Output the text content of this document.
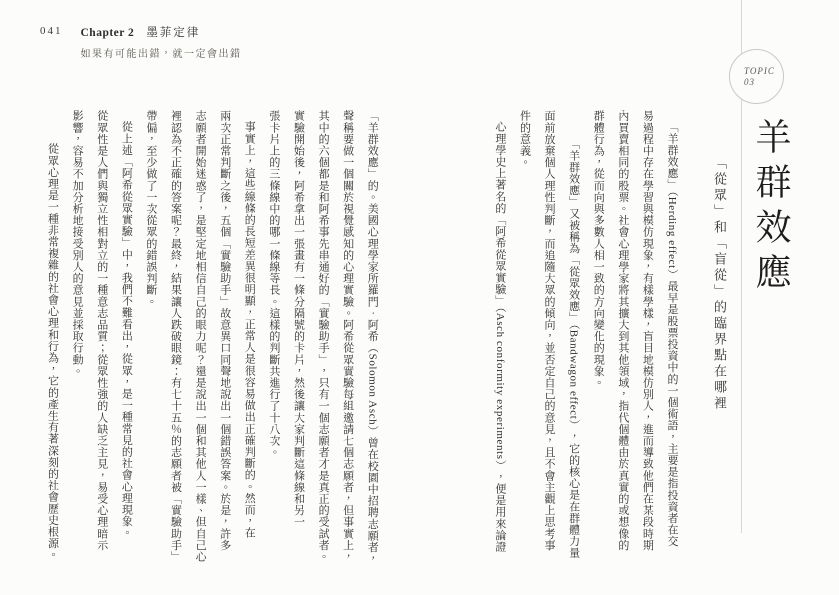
041 Chapter 2 墨菲定律
如果有可能出錯，就一定會出錯
TOPIC
03
羊群效應
「從眾」和「盲從」的臨界點在哪裡
「羊群效應」（Herding effect）最早是股票投資中的一個術語，主要是指投資者在交
易過程中存在學習與模仿現象，有樣學樣，盲目地模仿別人，進而導致他們在某段時期
內買賣相同的股票。社會心理學家將其擴大到其他領域，指代個體由於真實的或想像的
群體行為，從而向與多數人相一致的方向變化的現象。
「羊群效應」又被稱為「從眾效應」（Bandwagon effect），它的核心是在群體力量
面前放棄個人理性判斷，而追隨大眾的傾向，並否定自己的意見，且不會主觀上思考事
件的意義。
心理學史上著名的「阿希從眾實驗」（Asch conformity experiments），便是用來論證
「羊群效應」的。美國心理學家所羅門．阿希（Solomon Asch）曾在校園中招聘志願者，
聲稱要做一個關於視覺感知的心理實驗。阿希從眾實驗每組邀請七個志願者，但事實上，
其中的六個都是和阿希事先串通好的「實驗助手」，只有一個志願者才是真正的受試者。
實驗開始後，阿希拿出一張畫有一條分隔號的卡片，然後讓大家判斷這條線和另一
張卡片上的三條線中的哪一條線等長。這樣的判斷共進行了十八次。
事實上，這些線條的長短差異很明顯，正常人是很容易做出正確判斷的。然而，在
兩次正常判斷之後，五個「實驗助手」故意異口同聲地說出一個錯誤答案。於是，許多
志願者開始迷惑了，是堅定地相信自己的眼力呢？還是說出一個和其他人一樣、但自己心
裡認為不正確的答案呢？最終，結果讓人跌破眼鏡：有七十五％的志願者被「實驗助手」
帶偏，至少做了一次從眾的錯誤判斷。
從上述「阿希從眾實驗」中，我們不難看出，從眾，是一種常見的社會心理現象。
從眾性是人們與獨立性相對立的一種意志品質；從眾性強的人缺乏主見，易受心理暗示
影響，容易不加分析地接受別人的意見並採取行動。
從眾心理是一種非常複雜的社會心理和行為，它的產生有著深刻的社會歷史根源。
